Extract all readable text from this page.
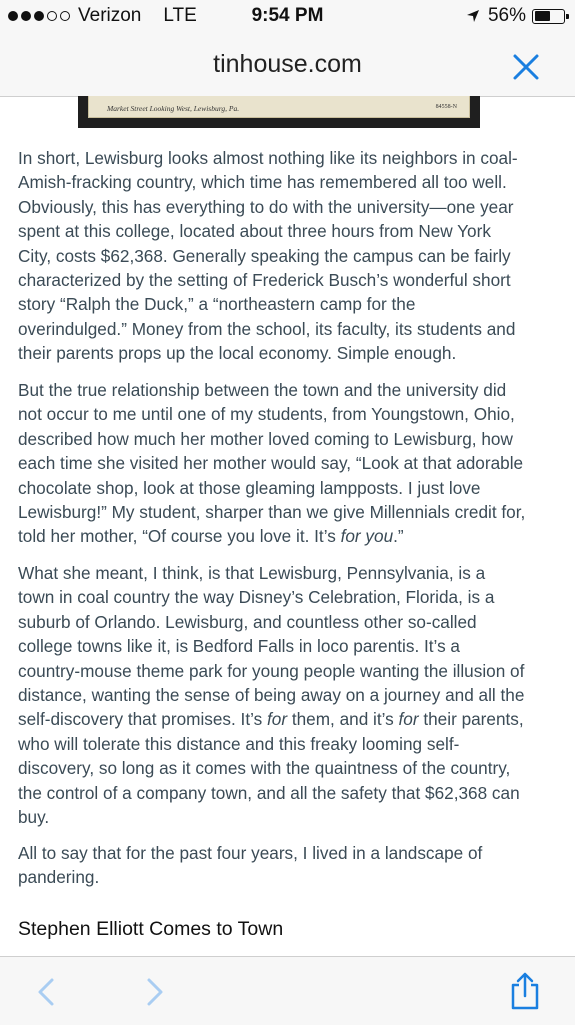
Verizon LTE	9:54 PM	56%
tinhouse.com
Market Street Looking West, Lewisburg, Pa.	84558-N

In short, Lewisburg looks almost nothing like its neighbors in coal-
Amish-fracking country, which time has remembered all too well.
Obviously, this has everything to do with the university—one year
spent at this college, located about three hours from New York
City, costs $62,368. Generally speaking the campus can be fairly
characterized by the setting of Frederick Busch’s wonderful short
story “Ralph the Duck,” a “northeastern camp for the
overindulged.” Money from the school, its faculty, its students and
their parents props up the local economy. Simple enough.

But the true relationship between the town and the university did
not occur to me until one of my students, from Youngstown, Ohio,
described how much her mother loved coming to Lewisburg, how
each time she visited her mother would say, “Look at that adorable
chocolate shop, look at those gleaming lampposts. I just love
Lewisburg!” My student, sharper than we give Millennials credit for,
told her mother, “Of course you love it. It’s for you.”

What she meant, I think, is that Lewisburg, Pennsylvania, is a
town in coal country the way Disney’s Celebration, Florida, is a
suburb of Orlando. Lewisburg, and countless other so-called
college towns like it, is Bedford Falls in loco parentis. It’s a
country-mouse theme park for young people wanting the illusion of
distance, wanting the sense of being away on a journey and all the
self-discovery that promises. It’s for them, and it’s for their parents,
who will tolerate this distance and this freaky looming self-
discovery, so long as it comes with the quaintness of the country,
the control of a company town, and all the safety that $62,368 can
buy.

All to say that for the past four years, I lived in a landscape of
pandering.

Stephen Elliott Comes to Town
